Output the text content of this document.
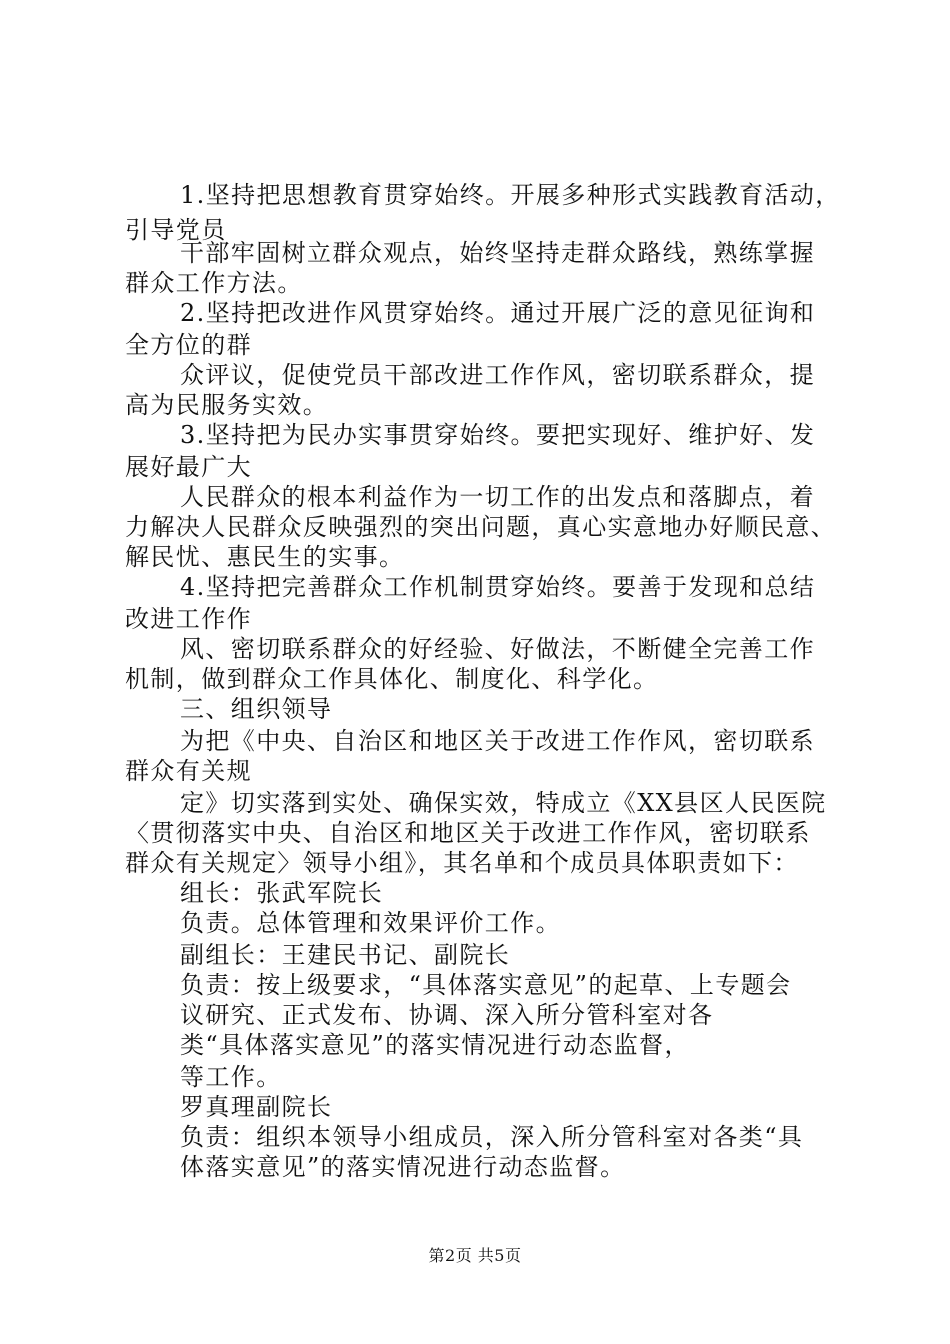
1.坚持把思想教育贯穿始终。开展多种形式实践教育活动，
引导党员
干部牢固树立群众观点，始终坚持走群众路线，熟练掌握
群众工作方法。
2.坚持把改进作风贯穿始终。通过开展广泛的意见征询和
全方位的群
众评议，促使党员干部改进工作作风，密切联系群众，提
高为民服务实效。
3.坚持把为民办实事贯穿始终。要把实现好、维护好、发
展好最广大
人民群众的根本利益作为一切工作的出发点和落脚点，着
力解决人民群众反映强烈的突出问题，真心实意地办好顺民意、
解民忧、惠民生的实事。
4.坚持把完善群众工作机制贯穿始终。要善于发现和总结
改进工作作
风、密切联系群众的好经验、好做法，不断健全完善工作
机制，做到群众工作具体化、制度化、科学化。
三、组织领导
为把《中央、自治区和地区关于改进工作作风，密切联系
群众有关规
定》切实落到实处、确保实效，特成立《XX县区人民医院
〈贯彻落实中央、自治区和地区关于改进工作作风，密切联系
群众有关规定〉领导小组》，其名单和个成员具体职责如下：
组长：张武军院长
负责。总体管理和效果评价工作。
副组长：王建民书记、副院长
负责：按上级要求，“具体落实意见”的起草、上专题会
议研究、正式发布、协调、深入所分管科室对各
类“具体落实意见”的落实情况进行动态监督，
等工作。
罗真理副院长
负责：组织本领导小组成员，深入所分管科室对各类“具
体落实意见”的落实情况进行动态监督。
第2页 共5页
